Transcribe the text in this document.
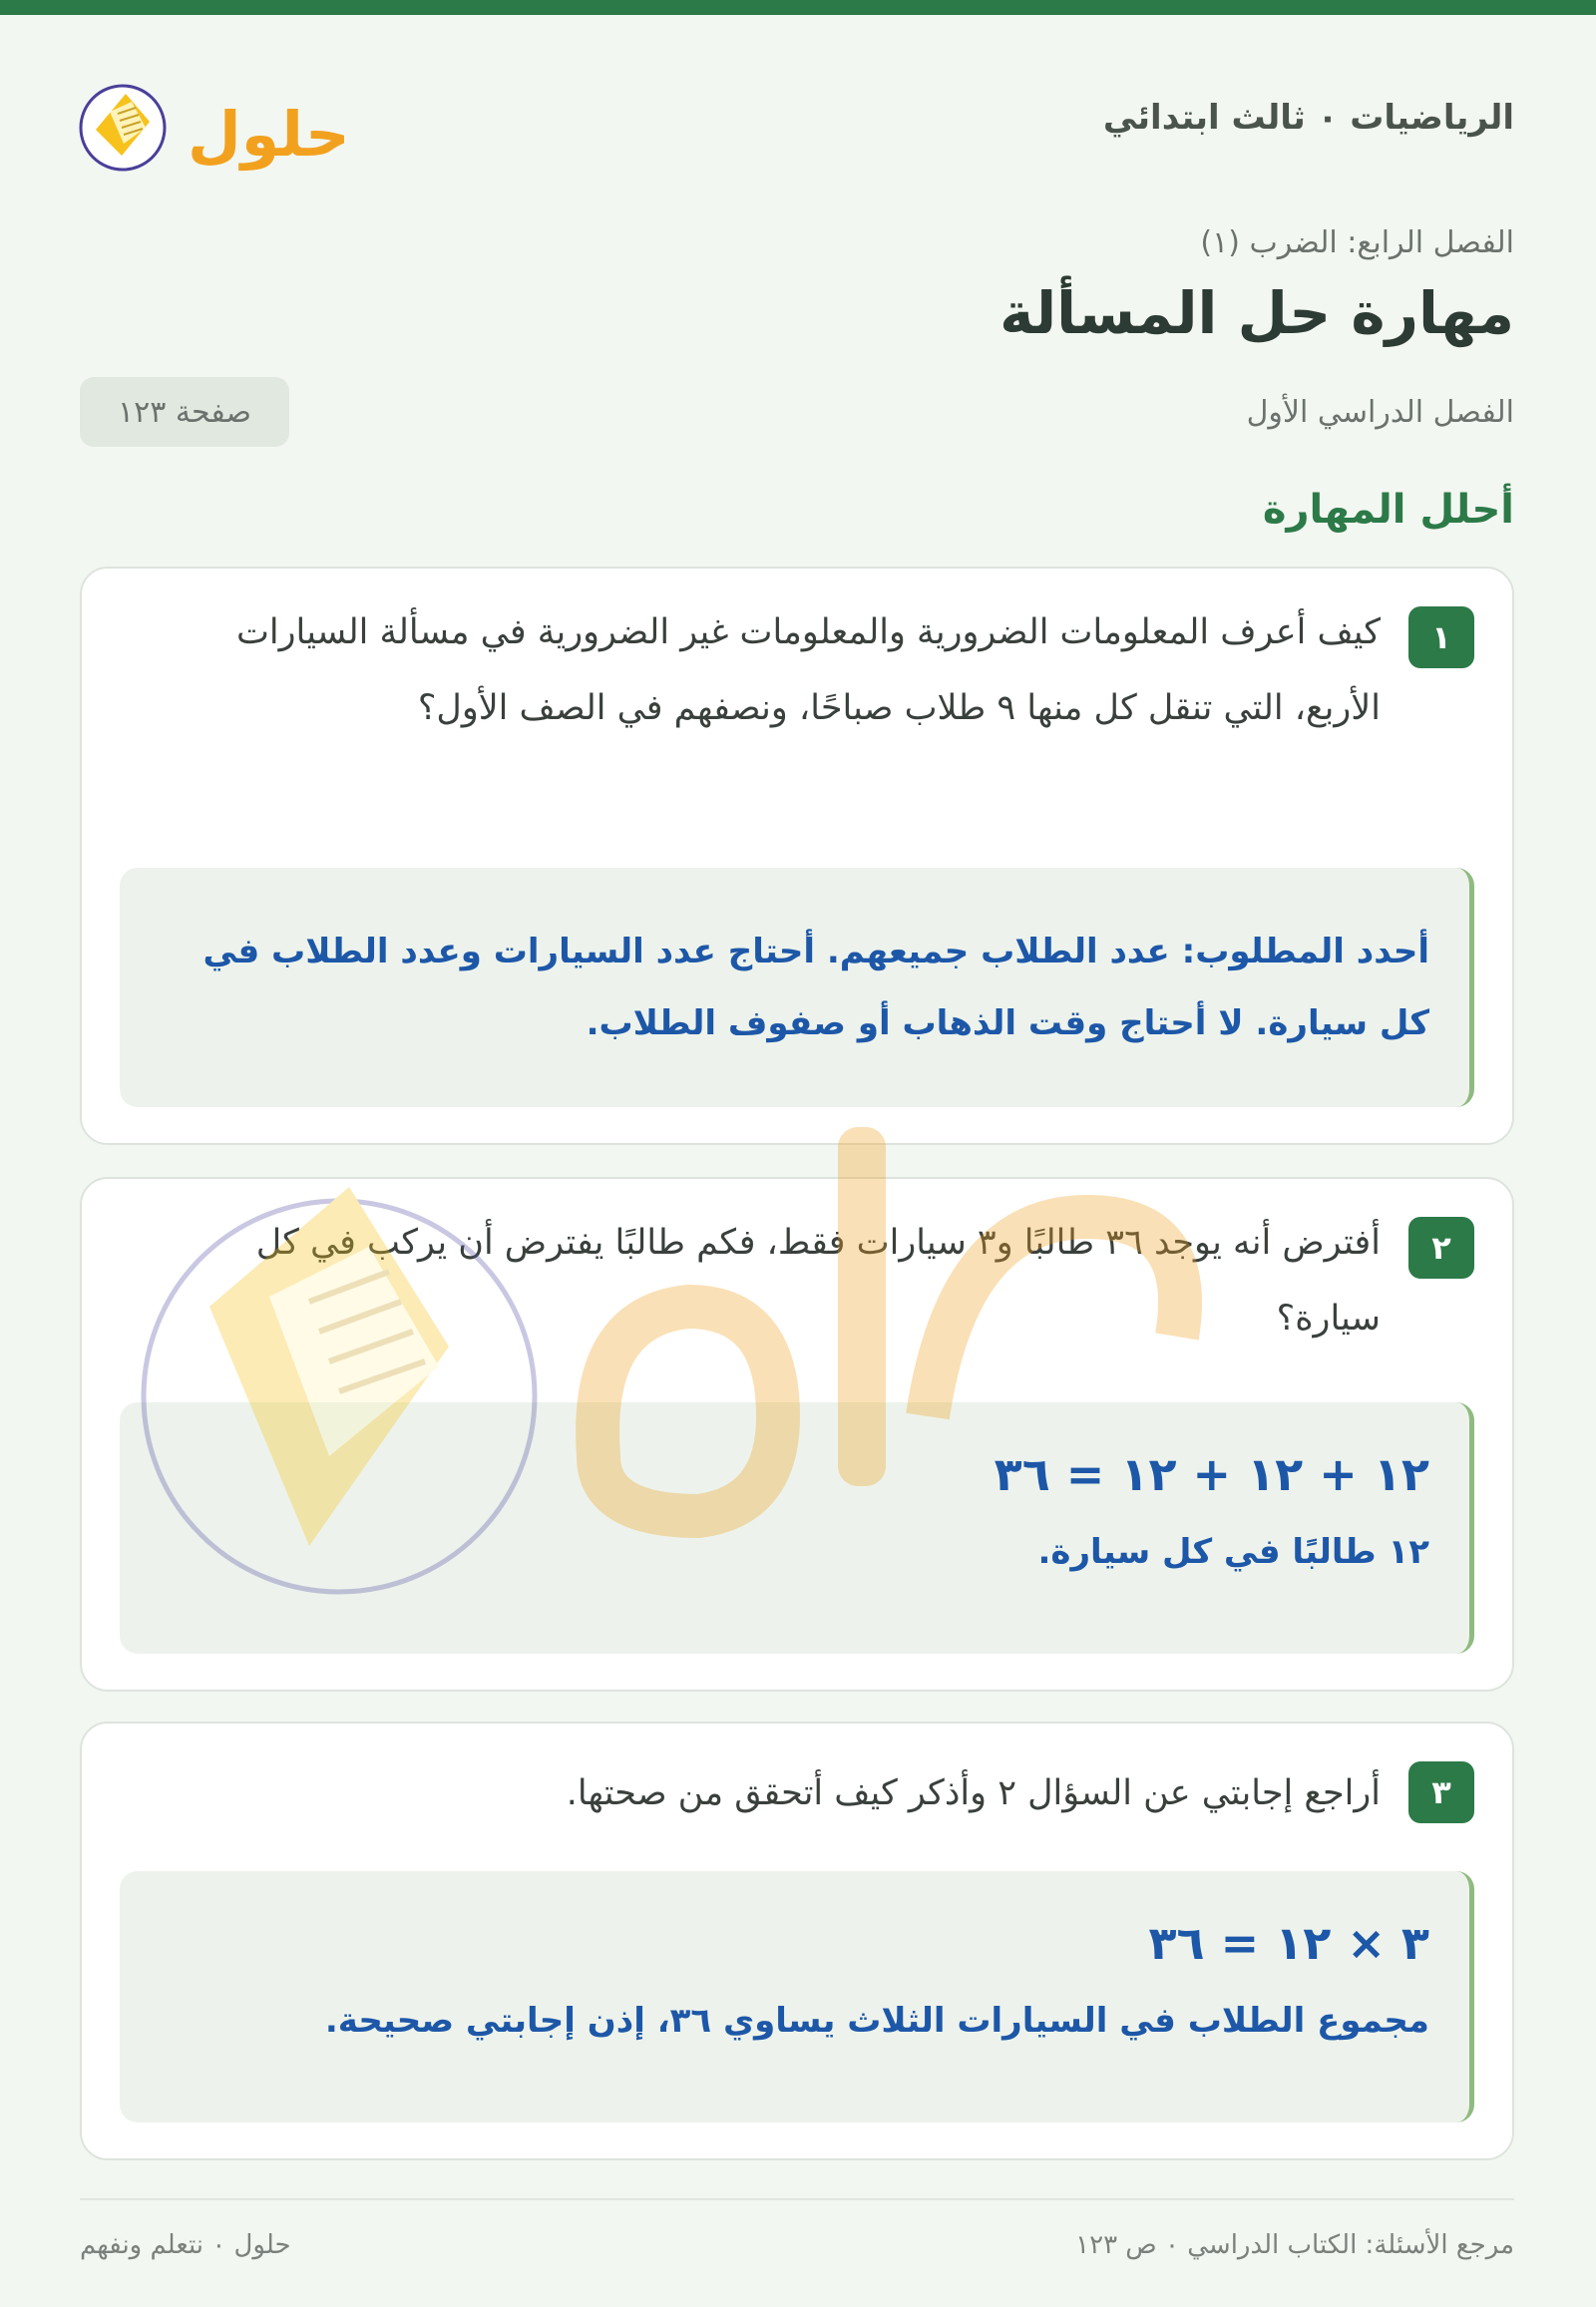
الرياضيات ٠ ثالث ابتدائي
حلول
الفصل الرابع: الضرب (١)
مهارة حل المسألة
الفصل الدراسي الأول
صفحة ١٢٣
أحلل المهارة
١
كيف أعرف المعلومات الضرورية والمعلومات غير الضرورية في مسألة السيارات الأربع، التي تنقل كل منها ٩ طلاب صباحًا، ونصفهم في الصف الأول؟
أحدد المطلوب: عدد الطلاب جميعهم. أحتاج عدد السيارات وعدد الطلاب في كل سيارة. لا أحتاج وقت الذهاب أو صفوف الطلاب.
٢
أفترض أنه يوجد ٣٦ طالبًا و٣ سيارات فقط، فكم طالبًا يفترض أن يركب في كل سيارة؟
١٢ + ١٢ + ١٢ = ٣٦
١٢ طالبًا في كل سيارة.
٣
أراجع إجابتي عن السؤال ٢ وأذكر كيف أتحقق من صحتها.
٣ × ١٢ = ٣٦
مجموع الطلاب في السيارات الثلاث يساوي ٣٦، إذن إجابتي صحيحة.
مرجع الأسئلة: الكتاب الدراسي ٠ ص ١٢٣
حلول ٠ نتعلم ونفهم
